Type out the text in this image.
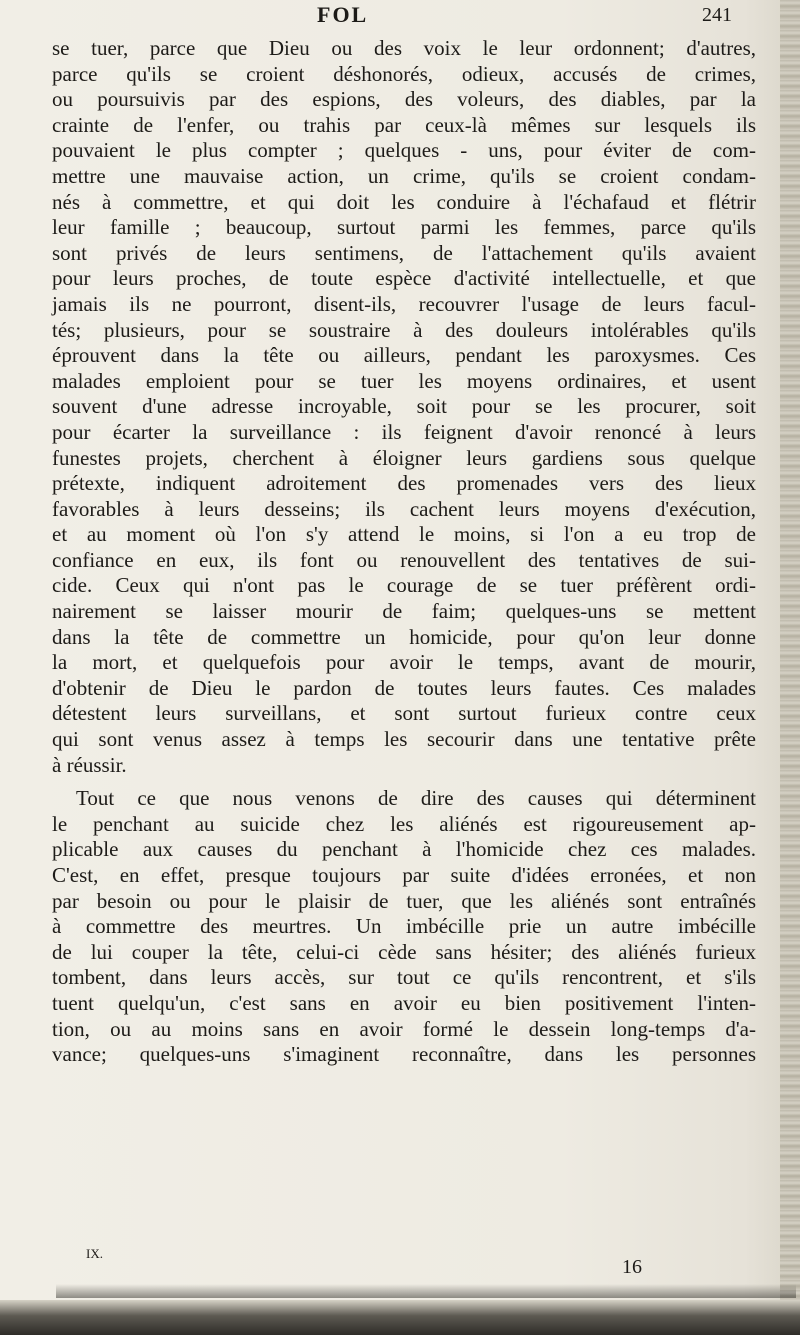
FOL	241

se tuer, parce que Dieu ou des voix le leur ordonnent; d'autres,
parce qu'ils se croient déshonorés, odieux, accusés de crimes,
ou poursuivis par des espions, des voleurs, des diables, par la
crainte de l'enfer, ou trahis par ceux-là mêmes sur lesquels ils
pouvaient le plus compter ; quelques - uns, pour éviter de com-
mettre une mauvaise action, un crime, qu'ils se croient condam-
nés à commettre, et qui doit les conduire à l'échafaud et flétrir
leur famille ; beaucoup, surtout parmi les femmes, parce qu'ils
sont privés de leurs sentimens, de l'attachement qu'ils avaient
pour leurs proches, de toute espèce d'activité intellectuelle, et que
jamais ils ne pourront, disent-ils, recouvrer l'usage de leurs facul-
tés; plusieurs, pour se soustraire à des douleurs intolérables qu'ils
éprouvent dans la tête ou ailleurs, pendant les paroxysmes. Ces
malades emploient pour se tuer les moyens ordinaires, et usent
souvent d'une adresse incroyable, soit pour se les procurer, soit
pour écarter la surveillance : ils feignent d'avoir renoncé à leurs
funestes projets, cherchent à éloigner leurs gardiens sous quelque
prétexte, indiquent adroitement des promenades vers des lieux
favorables à leurs desseins; ils cachent leurs moyens d'exécution,
et au moment où l'on s'y attend le moins, si l'on a eu trop de
confiance en eux, ils font ou renouvellent des tentatives de sui-
cide. Ceux qui n'ont pas le courage de se tuer préfèrent ordi-
nairement se laisser mourir de faim; quelques-uns se mettent
dans la tête de commettre un homicide, pour qu'on leur donne
la mort, et quelquefois pour avoir le temps, avant de mourir,
d'obtenir de Dieu le pardon de toutes leurs fautes. Ces malades
détestent leurs surveillans, et sont surtout furieux contre ceux
qui sont venus assez à temps les secourir dans une tentative prête
à réussir.

Tout ce que nous venons de dire des causes qui déterminent
le penchant au suicide chez les aliénés est rigoureusement ap-
plicable aux causes du penchant à l'homicide chez ces malades.
C'est, en effet, presque toujours par suite d'idées erronées, et non
par besoin ou pour le plaisir de tuer, que les aliénés sont entraînés
à commettre des meurtres. Un imbécille prie un autre imbécille
de lui couper la tête, celui-ci cède sans hésiter; des aliénés furieux
tombent, dans leurs accès, sur tout ce qu'ils rencontrent, et s'ils
tuent quelqu'un, c'est sans en avoir eu bien positivement l'inten-
tion, ou au moins sans en avoir formé le dessein long-temps d'a-
vance; quelques-uns s'imaginent reconnaître, dans les personnes

IX.
16
